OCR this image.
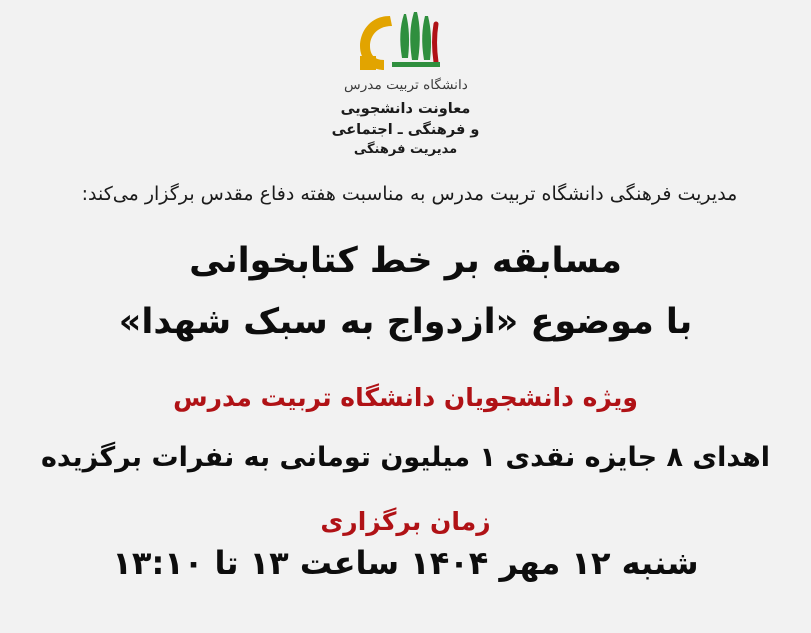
دانشگاه تربیت مدرس
معاونت دانشجویی
و فرهنگی ـ اجتماعی
مدیریت فرهنگی
مدیریت فرهنگی دانشگاه تربیت مدرس به مناسبت هفته دفاع مقدس برگزار می‌کند:
مسابقه بر خط کتابخوانی
با موضوع «ازدواج به سبک شهدا»
ویژه دانشجویان دانشگاه تربیت مدرس
اهدای ۸ جایزه نقدی ۱ میلیون تومانی به نفرات برگزیده
زمان برگزاری
شنبه ۱۲ مهر ۱۴۰۴ ساعت ۱۳ تا ۱۳:۱۰
